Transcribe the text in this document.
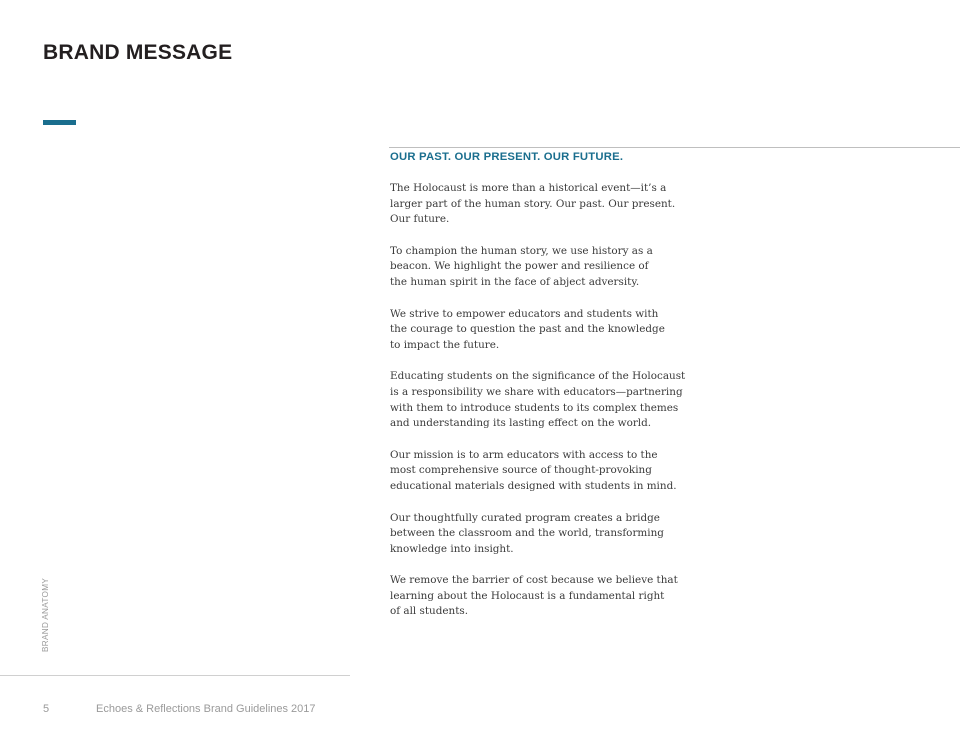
BRAND MESSAGE
OUR PAST. OUR PRESENT. OUR FUTURE.

The Holocaust is more than a historical event—it’s a
larger part of the human story. Our past. Our present.
Our future.

To champion the human story, we use history as a
beacon. We highlight the power and resilience of
the human spirit in the face of abject adversity.

We strive to empower educators and students with
the courage to question the past and the knowledge
to impact the future.

Educating students on the significance of the Holocaust
is a responsibility we share with educators—partnering
with them to introduce students to its complex themes
and understanding its lasting effect on the world.

Our mission is to arm educators with access to the
most comprehensive source of thought-provoking
educational materials designed with students in mind.

Our thoughtfully curated program creates a bridge
between the classroom and the world, transforming
knowledge into insight.

We remove the barrier of cost because we believe that
learning about the Holocaust is a fundamental right
of all students.

BRAND ANATOMY
5	Echoes & Reflections Brand Guidelines 2017
